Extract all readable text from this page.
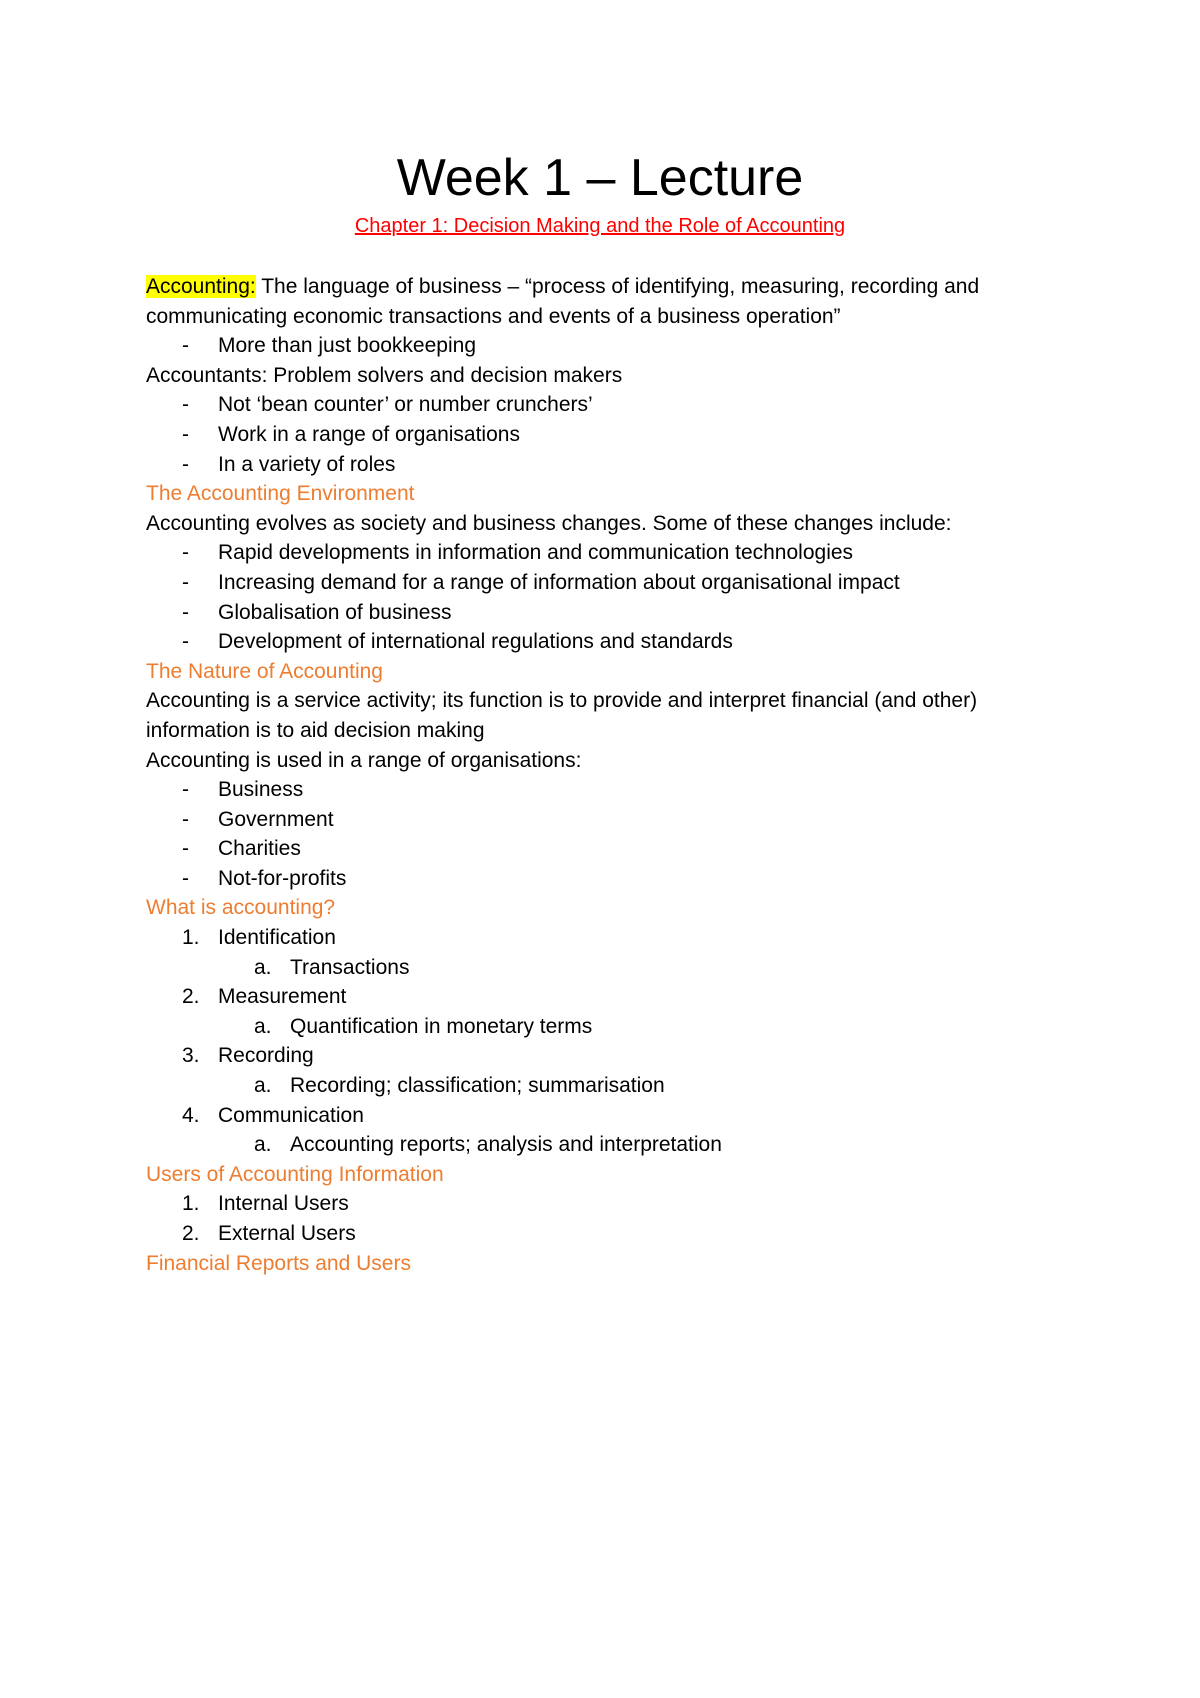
Week 1 – Lecture

Chapter 1: Decision Making and the Role of Accounting

Accounting: The language of business – “process of identifying, measuring, recording and communicating economic transactions and events of a business operation”

-	More than just bookkeeping

Accountants: Problem solvers and decision makers

-	Not ‘bean counter’ or number crunchers’
-	Work in a range of organisations
-	In a variety of roles

The Accounting Environment

Accounting evolves as society and business changes. Some of these changes include:

-	Rapid developments in information and communication technologies
-	Increasing demand for a range of information about organisational impact
-	Globalisation of business
-	Development of international regulations and standards

The Nature of Accounting

Accounting is a service activity; its function is to provide and interpret financial (and other) information is to aid decision making

Accounting is used in a range of organisations:

-	Business
-	Government
-	Charities
-	Not-for-profits

What is accounting?

1. Identification
a. Transactions
2. Measurement
a. Quantification in monetary terms
3. Recording
a. Recording; classification; summarisation
4. Communication
a. Accounting reports; analysis and interpretation

Users of Accounting Information

1. Internal Users
2. External Users

Financial Reports and Users
